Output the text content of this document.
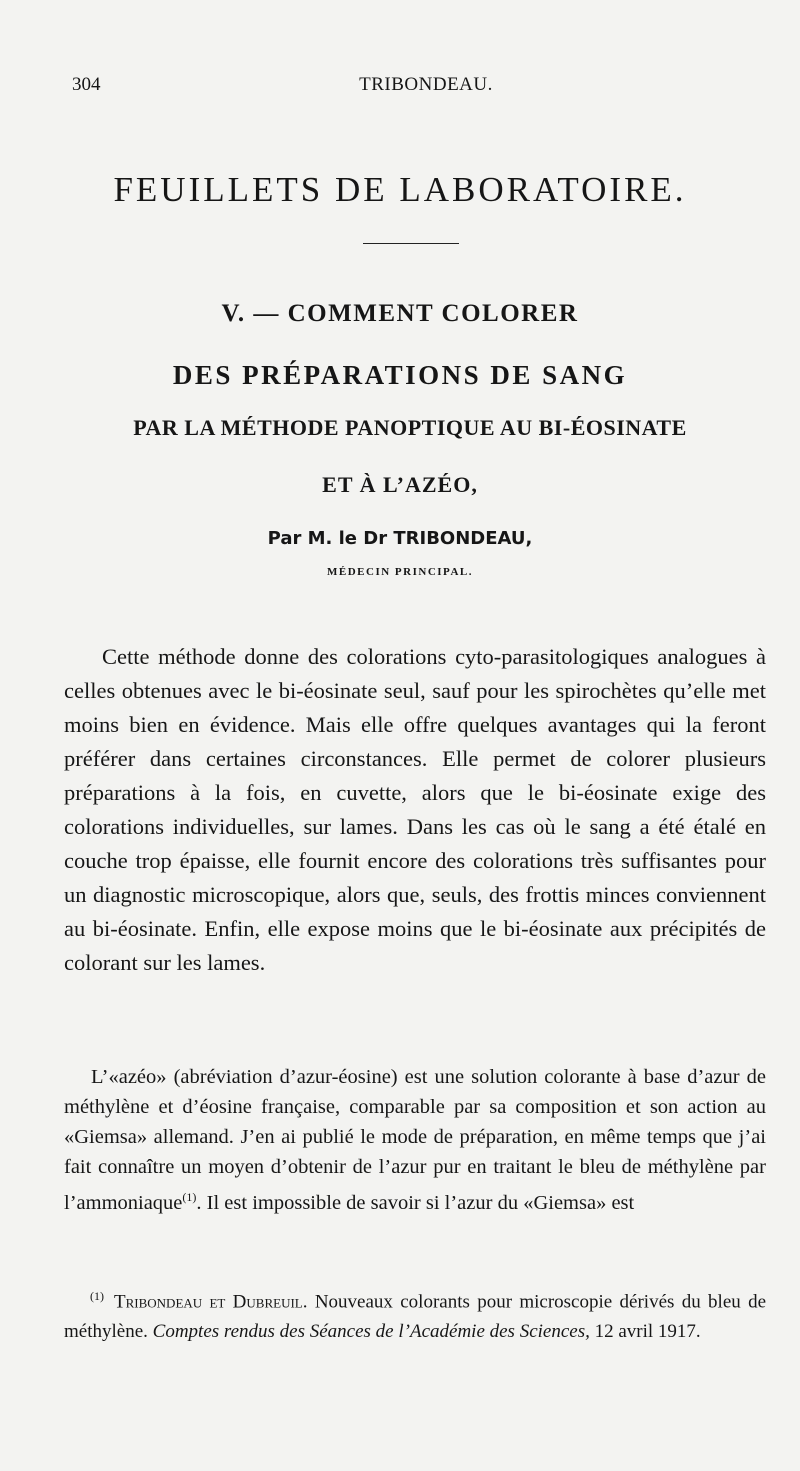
304	TRIBONDEAU.
FEUILLETS DE LABORATOIRE.
V. — COMMENT COLORER
DES PRÉPARATIONS DE SANG
PAR LA MÉTHODE PANOPTIQUE AU BI-ÉOSINATE
ET À L’AZÉO,
Par M. le Dr TRIBONDEAU,
MÉDECIN PRINCIPAL.

Cette méthode donne des colorations cyto-parasitologiques analogues à celles obtenues avec le bi-éosinate seul, sauf pour les spirochètes qu’elle met moins bien en évidence. Mais elle offre quelques avantages qui la feront préférer dans certaines circonstances. Elle permet de colorer plusieurs préparations à la fois, en cuvette, alors que le bi-éosinate exige des colorations individuelles, sur lames. Dans les cas où le sang a été étalé en couche trop épaisse, elle fournit encore des colorations très suffisantes pour un diagnostic microscopique, alors que, seuls, des frottis minces conviennent au bi-éosinate. Enfin, elle expose moins que le bi-éosinate aux précipités de colorant sur les lames.

L’«azéo» (abréviation d’azur-éosine) est une solution colorante à base d’azur de méthylène et d’éosine française, comparable par sa composition et son action au «Giemsa» allemand. J’en ai publié le mode de préparation, en même temps que j’ai fait connaître un moyen d’obtenir de l’azur pur en traitant le bleu de méthylène par l’ammoniaque$^{(1)}$. Il est impossible de savoir si l’azur du «Giemsa» est

$^{(1)}$ Tribondeau et Dubreuil. Nouveaux colorants pour microscopie dérivés du bleu de méthylène. Comptes rendus des Séances de l’Académie des Sciences, 12 avril 1917.
